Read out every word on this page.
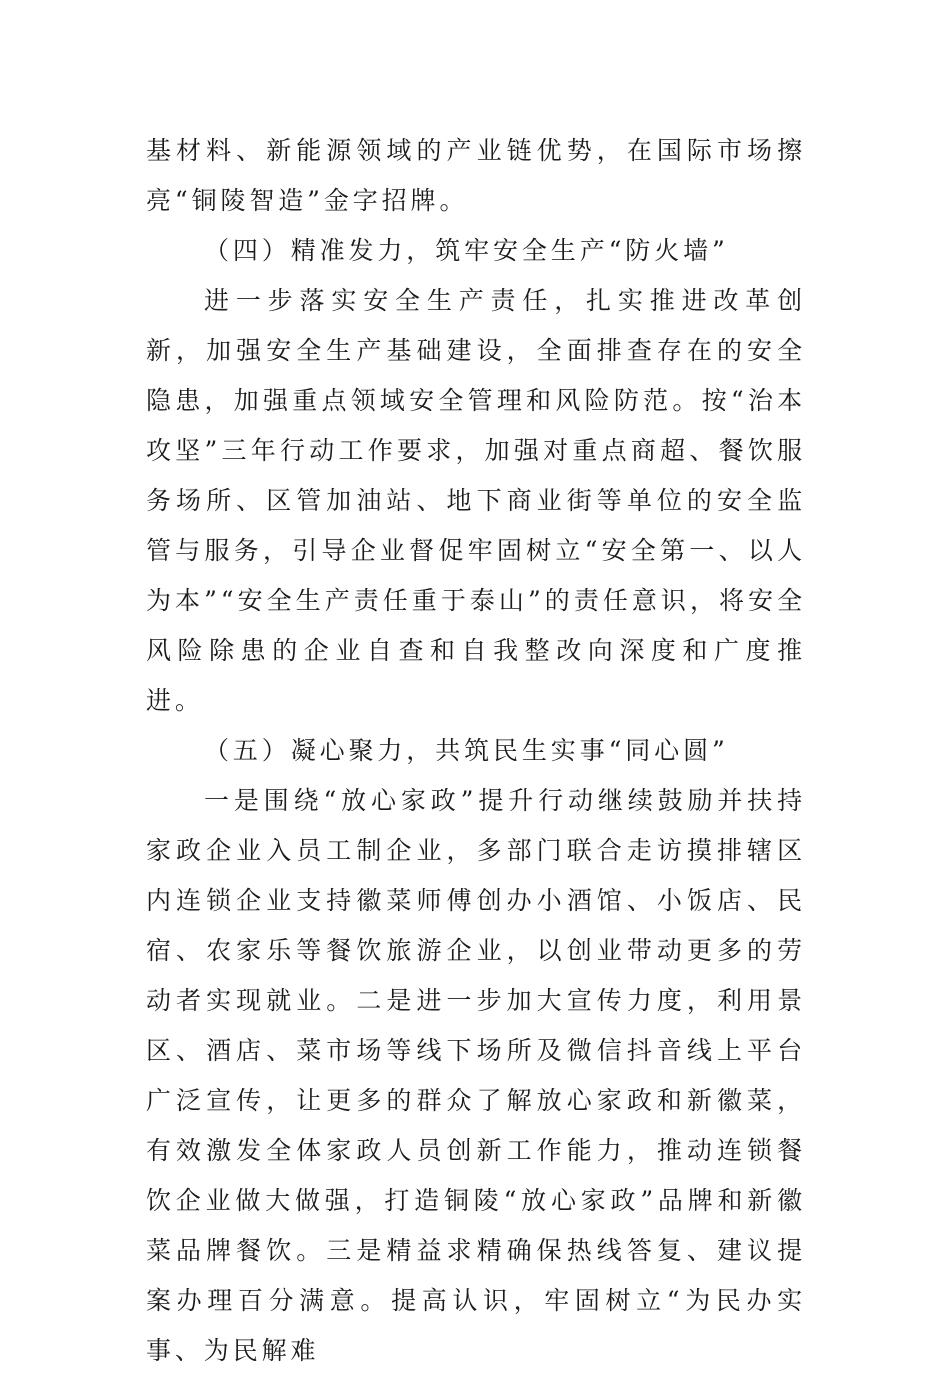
基材料、新能源领域的产业链优势，在国际市场擦亮“铜陵智造”金字招牌。

（四）精准发力，筑牢安全生产“防火墙”

进一步落实安全生产责任，扎实推进改革创新，加强安全生产基础建设，全面排查存在的安全隐患，加强重点领域安全管理和风险防范。按“治本攻坚”三年行动工作要求，加强对重点商超、餐饮服务场所、区管加油站、地下商业街等单位的安全监管与服务，引导企业督促牢固树立“安全第一、以人为本”“安全生产责任重于泰山”的责任意识，将安全风险除患的企业自查和自我整改向深度和广度推进。

（五）凝心聚力，共筑民生实事“同心圆”

一是围绕“放心家政”提升行动继续鼓励并扶持家政企业入员工制企业，多部门联合走访摸排辖区内连锁企业支持徽菜师傅创办小酒馆、小饭店、民宿、农家乐等餐饮旅游企业，以创业带动更多的劳动者实现就业。二是进一步加大宣传力度，利用景区、酒店、菜市场等线下场所及微信抖音线上平台广泛宣传，让更多的群众了解放心家政和新徽菜，有效激发全体家政人员创新工作能力，推动连锁餐饮企业做大做强，打造铜陵“放心家政”品牌和新徽菜品牌餐饮。三是精益求精确保热线答复、建议提案办理百分满意。提高认识，牢固树立“为民办实事、为民解难
